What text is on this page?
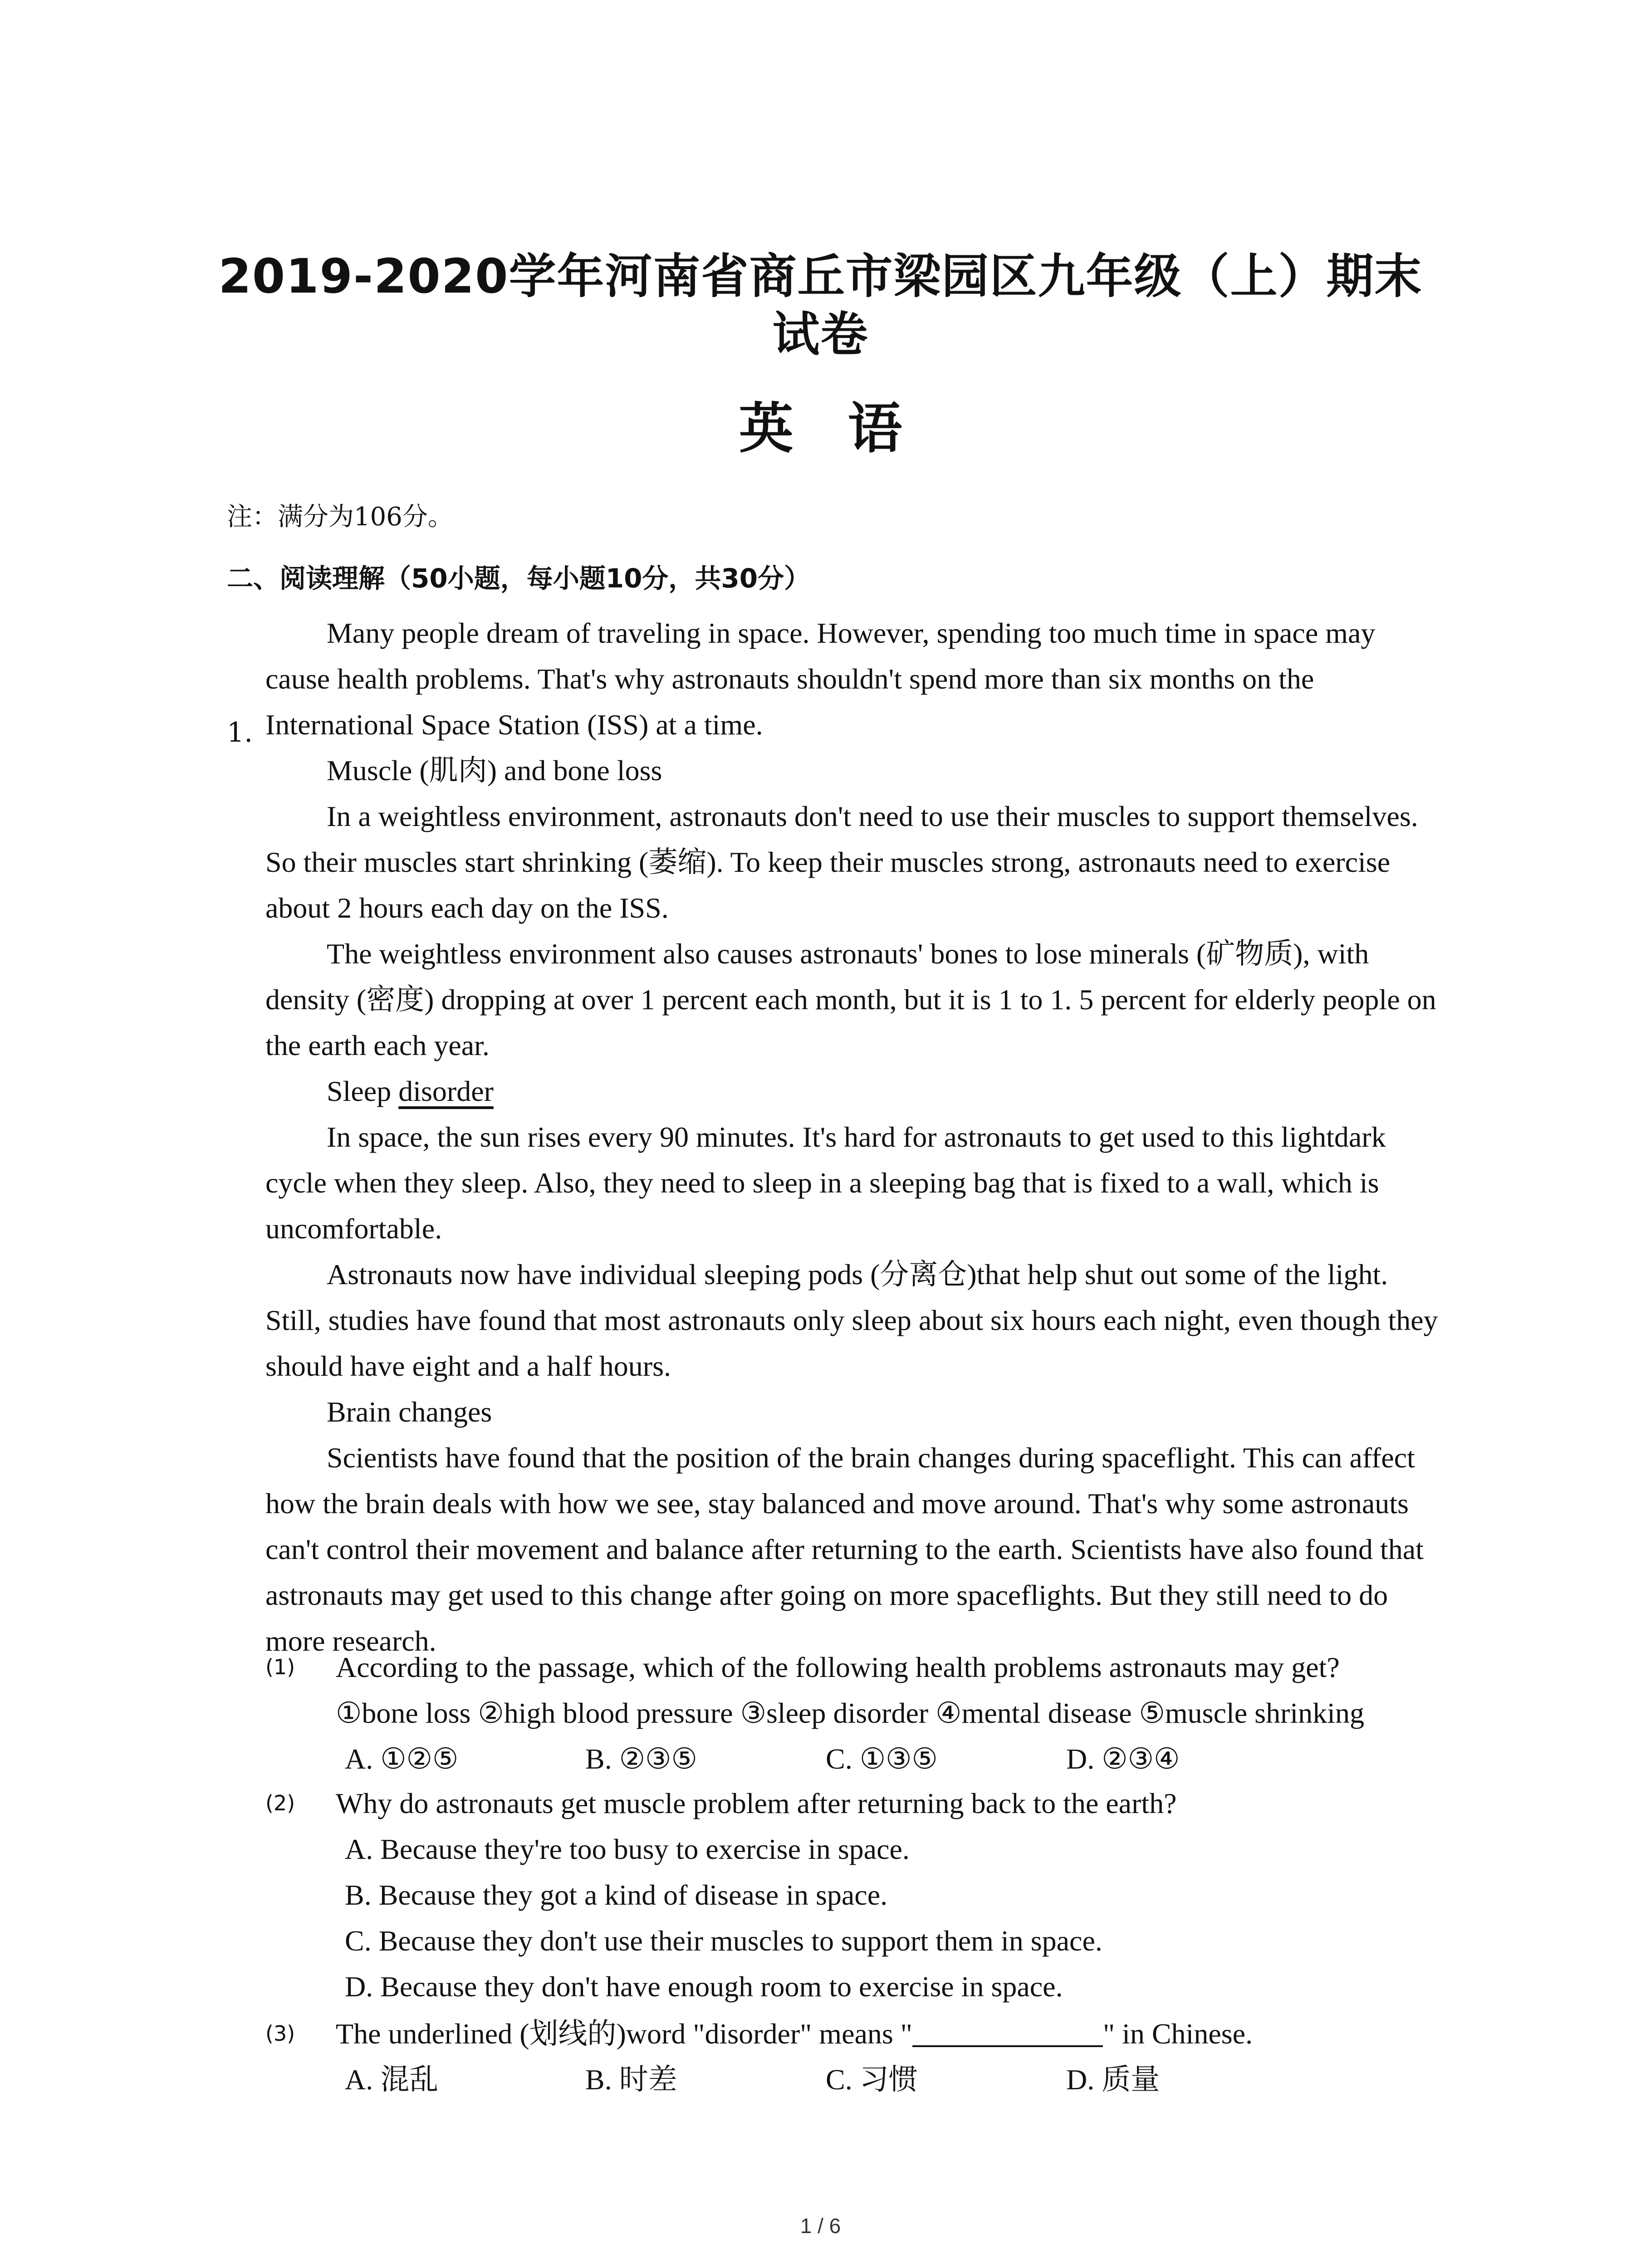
2019-2020学年河南省商丘市梁园区九年级（上）期末
试卷
英语
注：满分为106分。
二、阅读理解（50小题，每小题10分，共30分）
1.

Many people dream of traveling in space. However, spending too much time in space may cause health problems. That's why astronauts shouldn't spend more than six months on the International Space Station (ISS) at a time.

Muscle (肌肉) and bone loss

In a weightless environment, astronauts don't need to use their muscles to support themselves. So their muscles start shrinking (萎缩). To keep their muscles strong, astronauts need to exercise about 2 hours each day on the ISS.

The weightless environment also causes astronauts' bones to lose minerals (矿物质), with density (密度) dropping at over 1 percent each month, but it is 1 to 1. 5 percent for elderly people on the earth each year.

Sleep disorder

In space, the sun rises every 90 minutes. It's hard for astronauts to get used to this lightdark cycle when they sleep. Also, they need to sleep in a sleeping bag that is fixed to a wall, which is uncomfortable.

Astronauts now have individual sleeping pods (分离仓)that help shut out some of the light. Still, studies have found that most astronauts only sleep about six hours each night, even though they should have eight and a half hours.

Brain changes

Scientists have found that the position of the brain changes during spaceflight. This can affect how the brain deals with how we see, stay balanced and move around. That's why some astronauts can't control their movement and balance after returning to the earth. Scientists have also found that astronauts may get used to this change after going on more spaceflights. But they still need to do more research.

(1)	According to the passage, which of the following health problems astronauts may get?
①bone loss ②high blood pressure ③sleep disorder ④mental disease ⑤muscle shrinking
A. ①②⑤	B. ②③⑤	C. ①③⑤	D. ②③④
(2)	Why do astronauts get muscle problem after returning back to the earth?
A. Because they're too busy to exercise in space.
B. Because they got a kind of disease in space.
C. Because they don't use their muscles to support them in space.
D. Because they don't have enough room to exercise in space.
(3)	The underlined (划线的)word "disorder" means "	" in Chinese.
A. 混乱	B. 时差	C. 习惯	D. 质量
1 / 6
